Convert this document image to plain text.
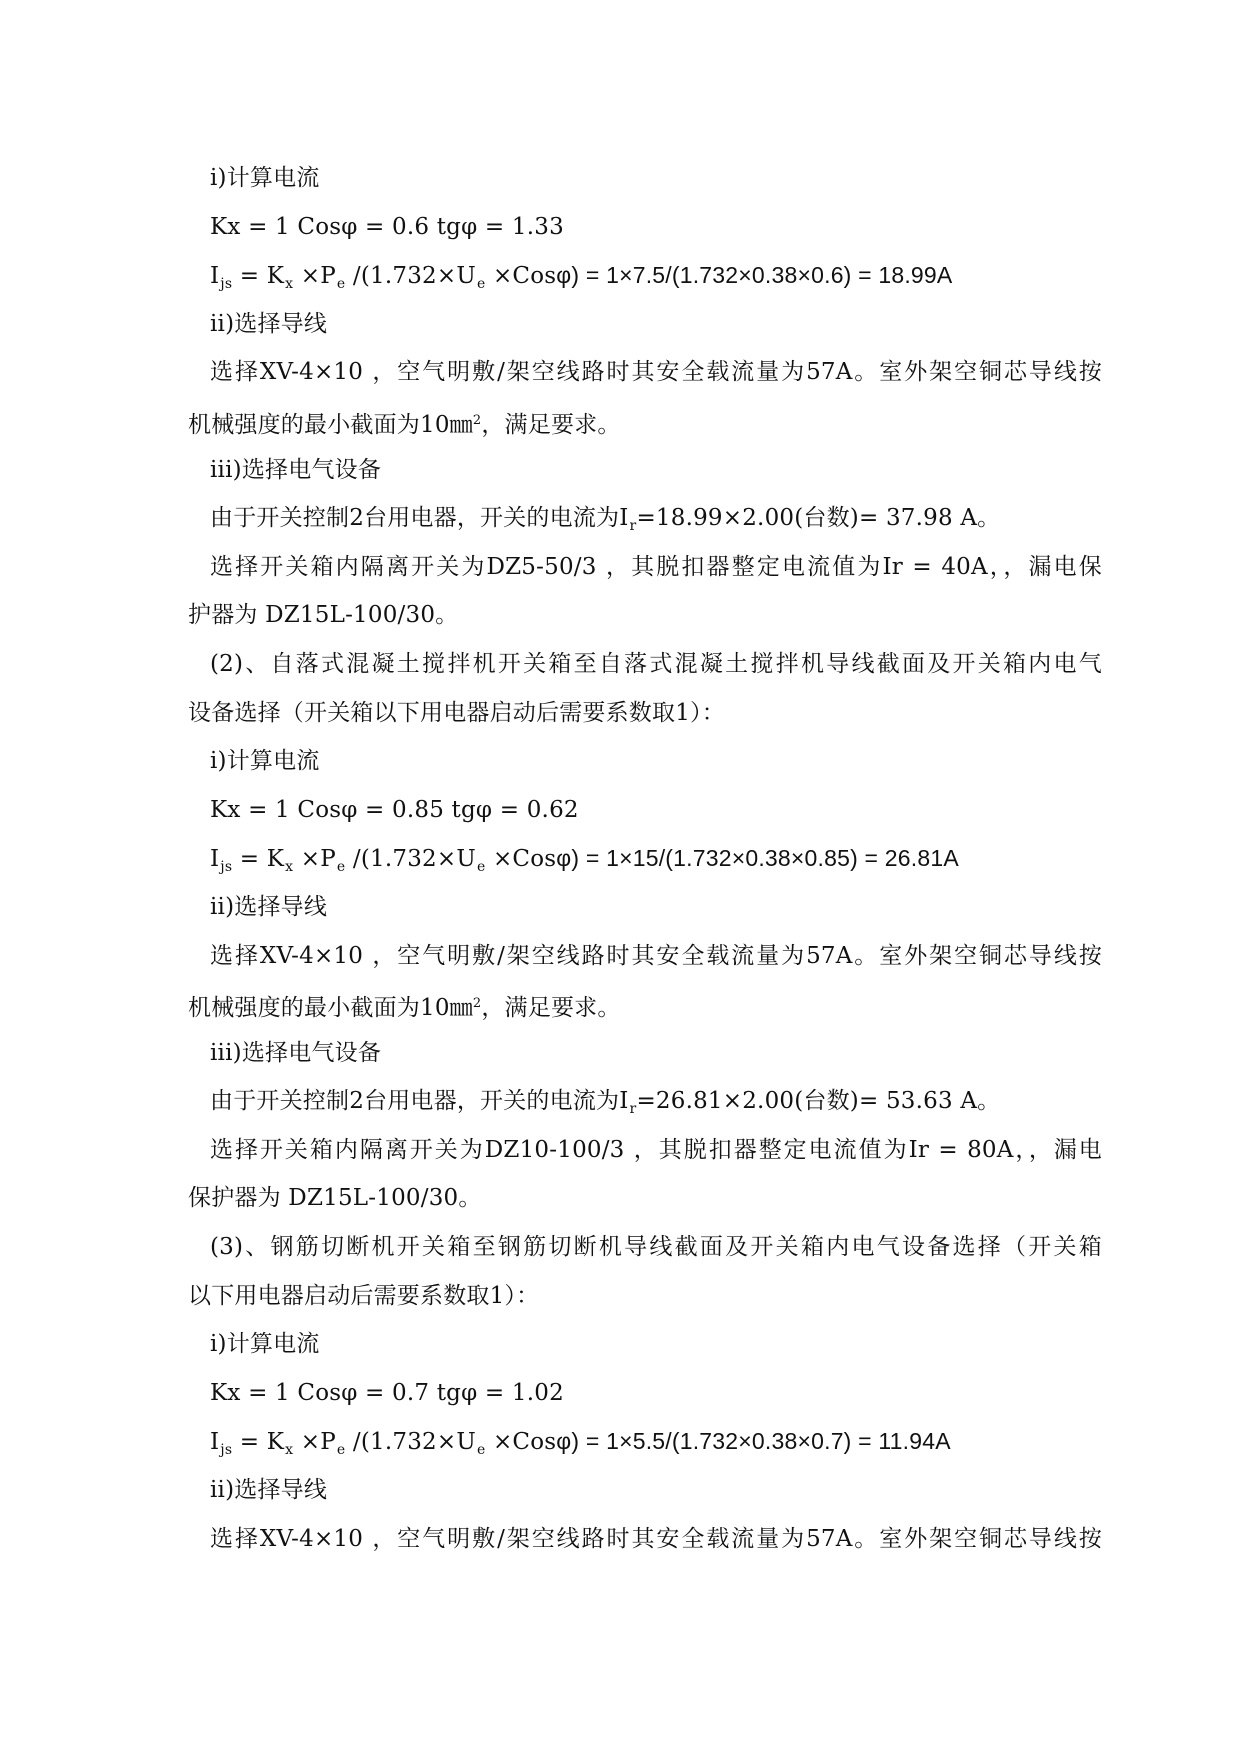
i)计算电流
Kx = 1 Cosφ = 0.6 tgφ = 1.33
$I_{js} = K_x \times P_e$ $/(1.732\times U_e \times Cos\varphi) = 1\times 7.5/(1.732\times 0.38\times 0.6) = 18.99A$
ii)选择导线
选择XV-4×10 ，空气明敷/架空线路时其安全载流量为57A。室外架空铜芯导线按
机械强度的最小截面为10㎜$^2$，满足要求。
iii)选择电气设备
由于开关控制2台用电器，开关的电流为$I_r=18.99\times 2.00$(台数)= 37.98 A。
选择开关箱内隔离开关为DZ5-50/3 ，其脱扣器整定电流值为Ir = 40A，，漏电保
护器为 DZ15L-100/30。
(2)、自落式混凝土搅拌机开关箱至自落式混凝土搅拌机导线截面及开关箱内电气
设备选择（开关箱以下用电器启动后需要系数取1）：
i)计算电流
Kx = 1 Cosφ = 0.85 tgφ = 0.62
$I_{js} = K_x \times P_e$ $/(1.732\times U_e \times Cos\varphi) = 1\times 15/(1.732\times 0.38\times 0.85) = 26.81A$
ii)选择导线
选择XV-4×10 ，空气明敷/架空线路时其安全载流量为57A。室外架空铜芯导线按
机械强度的最小截面为10㎜$^2$，满足要求。
iii)选择电气设备
由于开关控制2台用电器，开关的电流为$I_r=26.81\times 2.00$(台数)= 53.63 A。
选择开关箱内隔离开关为DZ10-100/3 ，其脱扣器整定电流值为Ir = 80A，，漏电
保护器为 DZ15L-100/30。
(3)、钢筋切断机开关箱至钢筋切断机导线截面及开关箱内电气设备选择（开关箱
以下用电器启动后需要系数取1）：
i)计算电流
Kx = 1 Cosφ = 0.7 tgφ = 1.02
$I_{js} = K_x \times P_e$ $/(1.732\times U_e \times Cos\varphi) = 1\times 5.5/(1.732\times 0.38\times 0.7) = 11.94A$
ii)选择导线
选择XV-4×10 ，空气明敷/架空线路时其安全载流量为57A。室外架空铜芯导线按
